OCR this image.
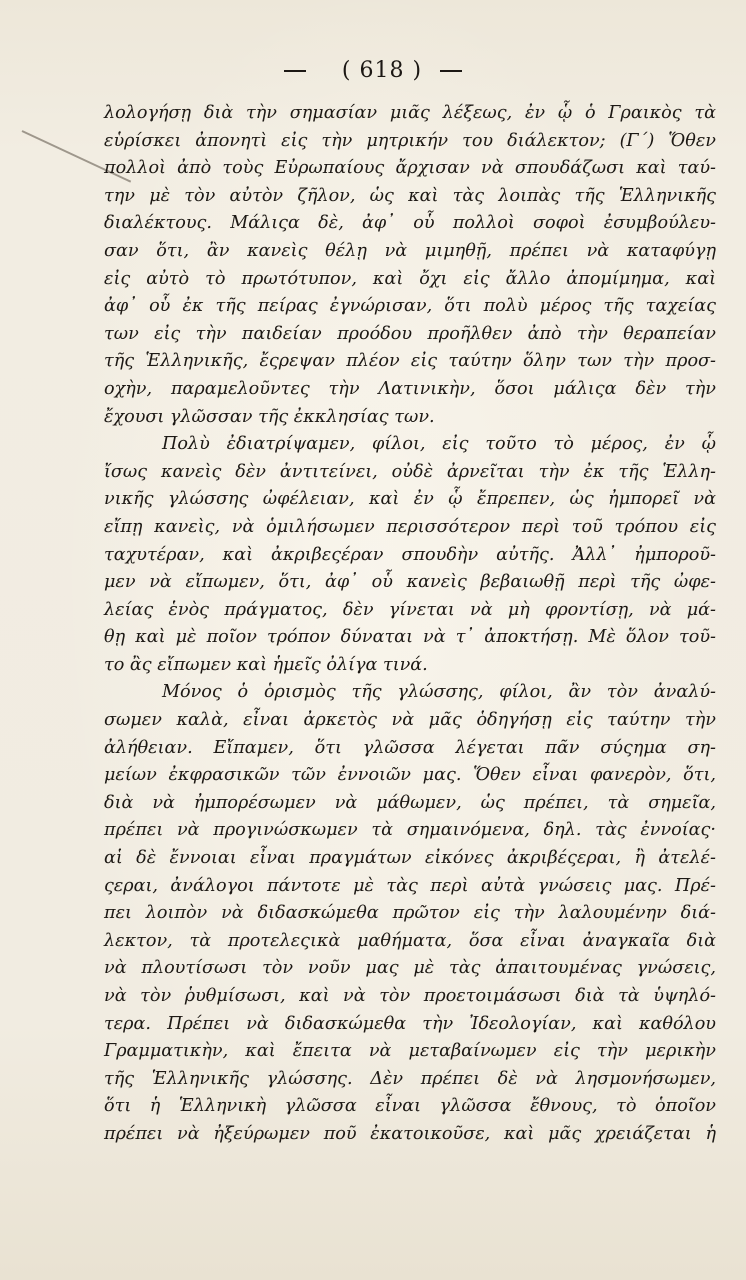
( 618 )
λολογήσῃ διὰ τὴν σημασίαν μιᾶς λέξεως, ἐν ᾧ ὁ Γραικὸς τὰ
εὑρίσκει ἀπονητὶ εἰς τὴν μητρικήν του διάλεκτον; (Γ΄) Ὅθεν
πολλοὶ ἀπὸ τοὺς Εὐρωπαίους ἄρχισαν νὰ σπουδάζωσι καὶ ταύ-
την μὲ τὸν αὐτὸν ζῆλον, ὡς καὶ τὰς λοιπὰς τῆς Ἑλληνικῆς
διαλέκτους. Μάλιςα δὲ, ἀφ᾽ οὗ πολλοὶ σοφοὶ ἐσυμβούλευ-
σαν ὅτι, ἂν κανεὶς θέλῃ νὰ μιμηθῇ, πρέπει νὰ καταφύγῃ
εἰς αὐτὸ τὸ πρωτότυπον, καὶ ὄχι εἰς ἄλλο ἀπομίμημα, καὶ
ἀφ᾽ οὗ ἐκ τῆς πείρας ἐγνώρισαν, ὅτι πολὺ μέρος τῆς ταχείας
των εἰς τὴν παιδείαν προόδου προῆλθεν ἀπὸ τὴν θεραπείαν
τῆς Ἑλληνικῆς, ἔςρεψαν πλέον εἰς ταύτην ὅλην των τὴν προσ-
οχὴν, παραμελοῦντες τὴν Λατινικὴν, ὅσοι μάλιςα δὲν τὴν
ἔχουσι γλῶσσαν τῆς ἐκκλησίας των.
Πολὺ ἐδιατρίψαμεν, φίλοι, εἰς τοῦτο τὸ μέρος, ἐν ᾧ
ἴσως κανεὶς δὲν ἀντιτείνει, οὐδὲ ἀρνεῖται τὴν ἐκ τῆς Ἑλλη-
νικῆς γλώσσης ὠφέλειαν, καὶ ἐν ᾧ ἔπρεπεν, ὡς ἠμπορεῖ νὰ
εἴπῃ κανεὶς, νὰ ὁμιλήσωμεν περισσότερον περὶ τοῦ τρόπου εἰς
ταχυτέραν, καὶ ἀκριβεςέραν σπουδὴν αὐτῆς. Ἀλλ᾽ ἠμποροῦ-
μεν νὰ εἴπωμεν, ὅτι, ἀφ᾽ οὗ κανεὶς βεβαιωθῇ περὶ τῆς ὠφε-
λείας ἑνὸς πράγματος, δὲν γίνεται νὰ μὴ φροντίσῃ, νὰ μά-
θῃ καὶ μὲ ποῖον τρόπον δύναται νὰ τ᾽ ἀποκτήσῃ. Μὲ ὅλον τοῦ-
το ἂς εἴπωμεν καὶ ἡμεῖς ὀλίγα τινά.
Μόνος ὁ ὁρισμὸς τῆς γλώσσης, φίλοι, ἂν τὸν ἀναλύ-
σωμεν καλὰ, εἶναι ἀρκετὸς νὰ μᾶς ὁδηγήσῃ εἰς ταύτην τὴν
ἀλήθειαν. Εἴπαμεν, ὅτι γλῶσσα λέγεται πᾶν σύςημα ση-
μείων ἐκφρασικῶν τῶν ἐννοιῶν μας. Ὅθεν εἶναι φανερὸν, ὅτι,
διὰ νὰ ἠμπορέσωμεν νὰ μάθωμεν, ὡς πρέπει, τὰ σημεῖα,
πρέπει νὰ προγινώσκωμεν τὰ σημαινόμενα, δηλ. τὰς ἐννοίας·
αἱ δὲ ἔννοιαι εἶναι πραγμάτων εἰκόνες ἀκριβέςεραι, ἢ ἀτελέ-
ςεραι, ἀνάλογοι πάντοτε μὲ τὰς περὶ αὐτὰ γνώσεις μας. Πρέ-
πει λοιπὸν νὰ διδασκώμεθα πρῶτον εἰς τὴν λαλουμένην διά-
λεκτον, τὰ προτελεςικὰ μαθήματα, ὅσα εἶναι ἀναγκαῖα διὰ
νὰ πλουτίσωσι τὸν νοῦν μας μὲ τὰς ἀπαιτουμένας γνώσεις,
νὰ τὸν ῥυθμίσωσι, καὶ νὰ τὸν προετοιμάσωσι διὰ τὰ ὑψηλό-
τερα. Πρέπει νὰ διδασκώμεθα τὴν Ἰδεολογίαν, καὶ καθόλου
Γραμματικὴν, καὶ ἔπειτα νὰ μεταβαίνωμεν εἰς τὴν μερικὴν
τῆς Ἑλληνικῆς γλώσσης. Δὲν πρέπει δὲ νὰ λησμονήσωμεν,
ὅτι ἡ Ἑλληνικὴ γλῶσσα εἶναι γλῶσσα ἔθνους, τὸ ὁποῖον
πρέπει νὰ ἠξεύρωμεν ποῦ ἐκατοικοῦσε, καὶ μᾶς χρειάζεται ἡ
